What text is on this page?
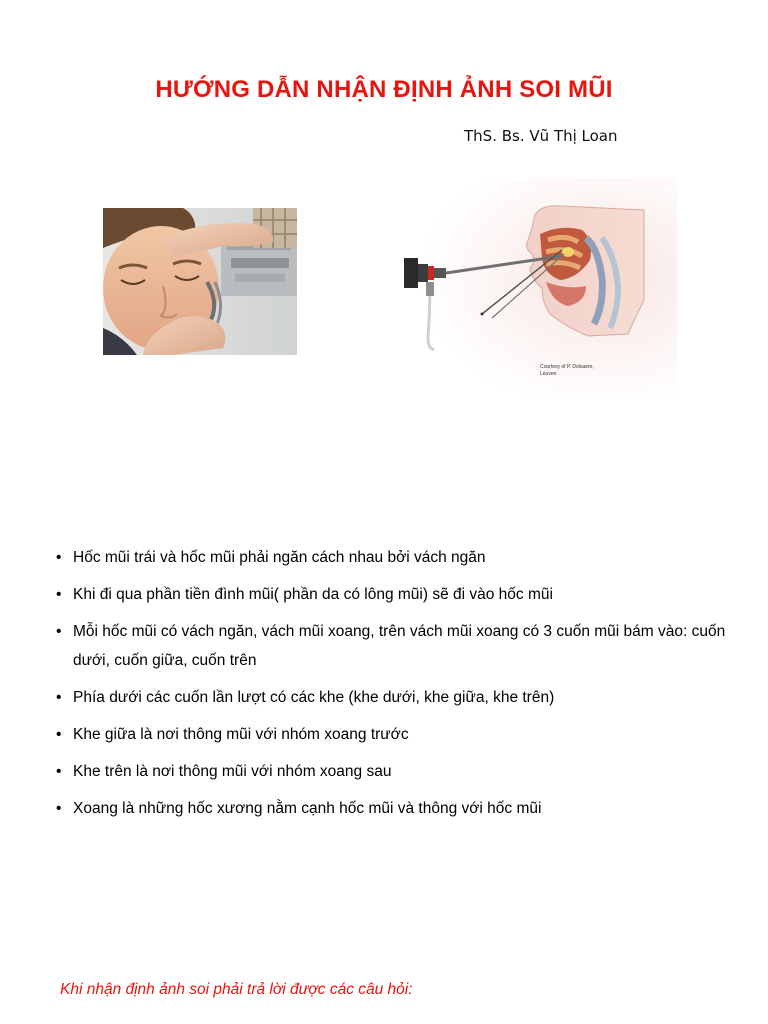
HƯỚNG DẪN NHẬN ĐỊNH ẢNH SOI MŨI
ThS. Bs. Vũ Thị Loan
Courtesy of P. Dolsaere,
Leuven
• Hốc mũi trái và hốc mũi phải ngăn cách nhau bởi vách ngăn
• Khi đi qua phần tiền đình mũi( phần da có lông mũi) sẽ đi vào hốc mũi
• Mỗi hốc mũi có vách ngăn, vách mũi xoang, trên vách mũi xoang có 3 cuốn mũi bám vào: cuốn dưới, cuốn giữa, cuốn trên
• Phía dưới các cuốn lần lượt có các khe (khe dưới, khe giữa, khe trên)
• Khe giữa là nơi thông mũi với nhóm xoang trước
• Khe trên là nơi thông mũi với nhóm xoang sau
• Xoang là những hốc xương nằm cạnh hốc mũi và thông với hốc mũi
Khi nhận định ảnh soi phải trả lời được các câu hỏi:
